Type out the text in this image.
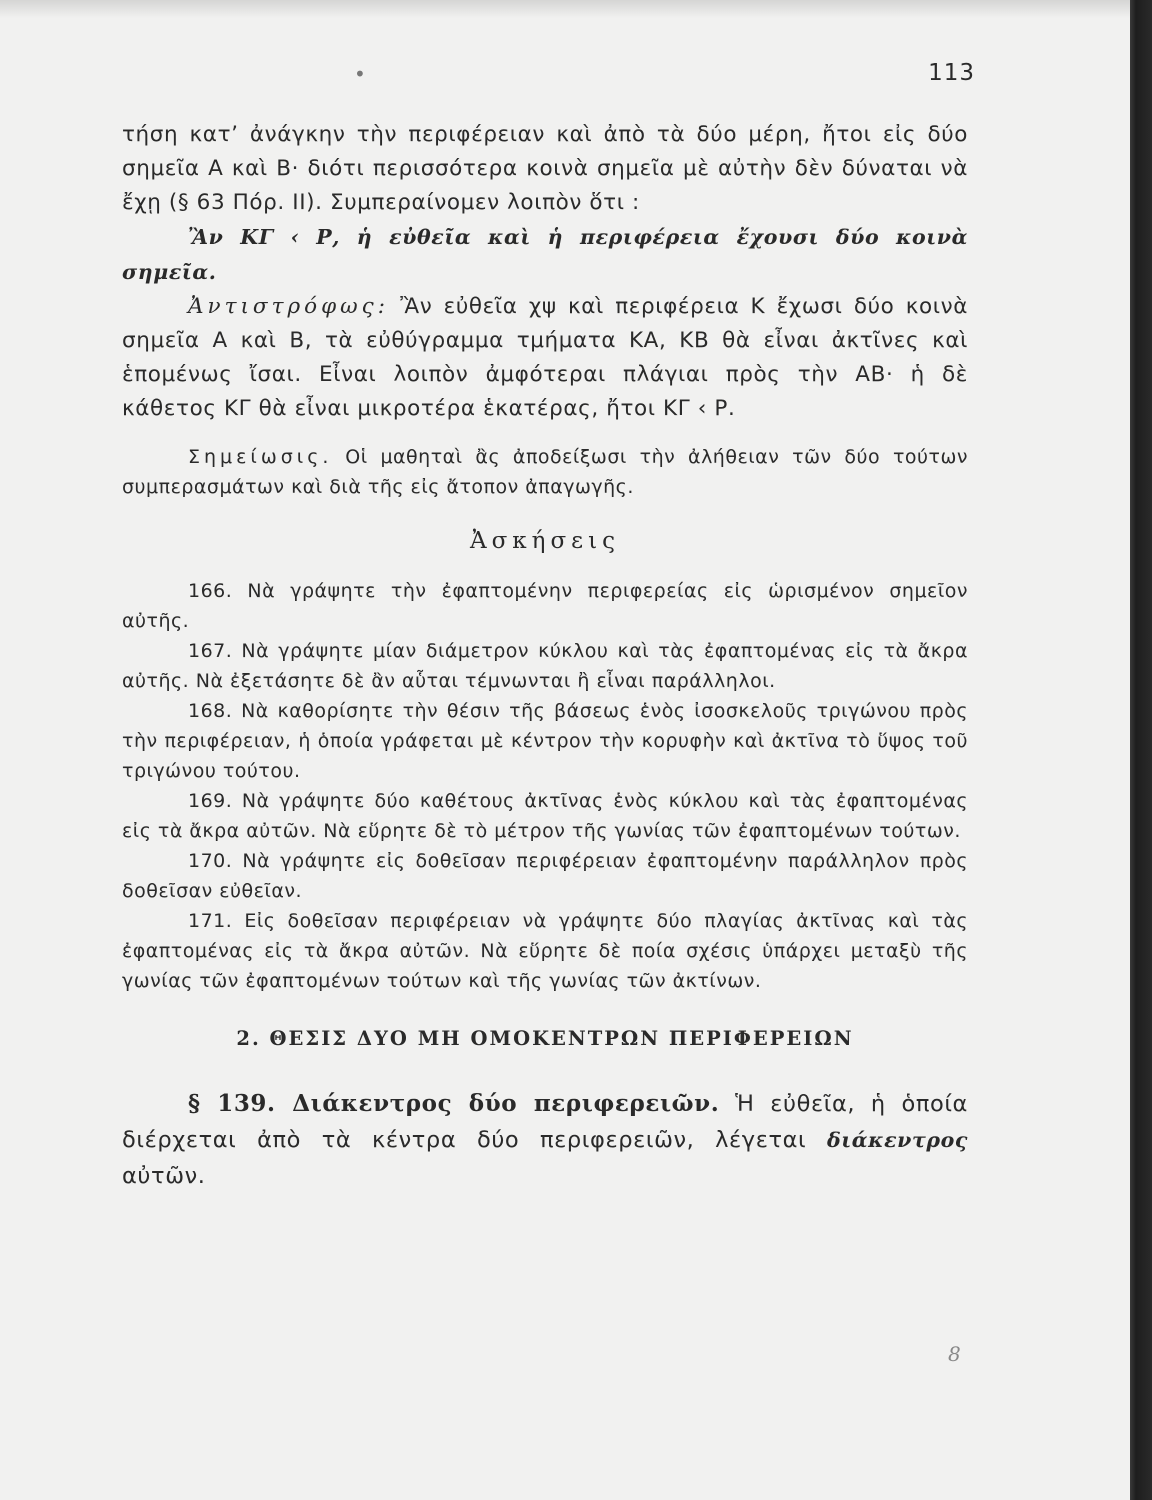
•	113

τήση κατ’ ἀνάγκην τὴν περιφέρειαν καὶ ἀπὸ τὰ δύο μέρη, ἤτοι εἰς δύο σημεῖα Α καὶ Β· διότι περισσότερα κοινὰ σημεῖα μὲ αὐτὴν δὲν δύναται νὰ ἔχῃ (§ 63 Πόρ. ΙΙ). Συμπεραίνομεν λοιπὸν ὅτι :

Ἂν ΚΓ ‹ Ρ, ἡ εὐθεῖα καὶ ἡ περιφέρεια ἔχουσι δύο κοινὰ σημεῖα.

Ἀντιστρόφως: Ἂν εὐθεῖα χψ καὶ περιφέρεια Κ ἔχωσι δύο κοινὰ σημεῖα Α καὶ Β, τὰ εὐθύγραμμα τμήματα ΚΑ, ΚΒ θὰ εἶναι ἀκτῖνες καὶ ἑπομένως ἴσαι. Εἶναι λοιπὸν ἀμφότεραι πλάγιαι πρὸς τὴν ΑΒ· ἡ δὲ κάθετος ΚΓ θὰ εἶναι μικροτέρα ἑκατέρας, ἤτοι ΚΓ ‹ Ρ.

Σημείωσις. Οἱ μαθηταὶ ἂς ἀποδείξωσι τὴν ἀλήθειαν τῶν δύο τούτων συμπερασμάτων καὶ διὰ τῆς εἰς ἄτοπον ἀπαγωγῆς.

Ἀσκήσεις

166. Νὰ γράψητε τὴν ἐφαπτομένην περιφερείας εἰς ὡρισμένον σημεῖον αὐτῆς.

167. Νὰ γράψητε μίαν διάμετρον κύκλου καὶ τὰς ἐφαπτομένας εἰς τὰ ἄκρα αὐτῆς. Νὰ ἐξετάσητε δὲ ἂν αὗται τέμνωνται ἢ εἶναι παράλληλοι.

168. Νὰ καθορίσητε τὴν θέσιν τῆς βάσεως ἑνὸς ἰσοσκελοῦς τριγώνου πρὸς τὴν περιφέρειαν, ἡ ὁποία γράφεται μὲ κέντρον τὴν κορυφὴν καὶ ἀκτῖνα τὸ ὕψος τοῦ τριγώνου τούτου.

169. Νὰ γράψητε δύο καθέτους ἀκτῖνας ἑνὸς κύκλου καὶ τὰς ἐφαπτομένας εἰς τὰ ἄκρα αὐτῶν. Νὰ εὕρητε δὲ τὸ μέτρον τῆς γωνίας τῶν ἐφαπτομένων τούτων.

170. Νὰ γράψητε εἰς δοθεῖσαν περιφέρειαν ἐφαπτομένην παράλληλον πρὸς δοθεῖσαν εὐθεῖαν.

171. Εἰς δοθεῖσαν περιφέρειαν νὰ γράψητε δύο πλαγίας ἀκτῖνας καὶ τὰς ἐφαπτομένας εἰς τὰ ἄκρα αὐτῶν. Νὰ εὕρητε δὲ ποία σχέσις ὑπάρχει μεταξὺ τῆς γωνίας τῶν ἐφαπτομένων τούτων καὶ τῆς γωνίας τῶν ἀκτίνων.

2. ΘΕΣΙΣ ΔΥΟ ΜΗ ΟΜΟΚΕΝΤΡΩΝ ΠΕΡΙΦΕΡΕΙΩΝ

§ 139. Διάκεντρος δύο περιφερειῶν. Ἡ εὐθεῖα, ἡ ὁποία διέρχεται ἀπὸ τὰ κέντρα δύο περιφερειῶν, λέγεται διάκεντρος αὐτῶν.

8
